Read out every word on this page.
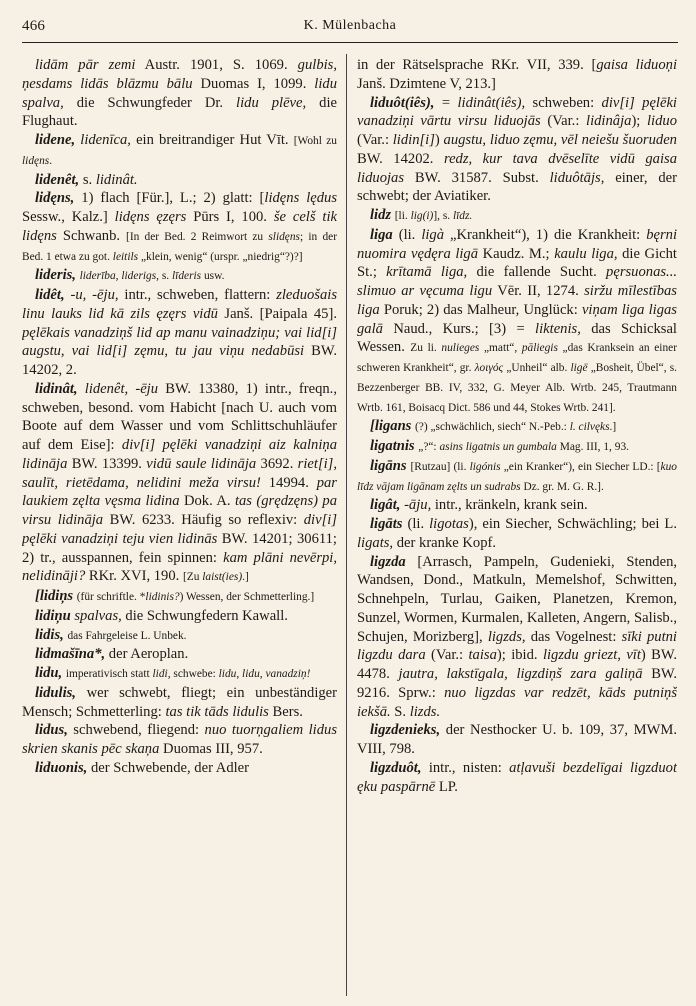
466	K. Mülenbacha

lidām pār zemi Austr. 1901, S. 1069. gulbis, ņesdams lidās blāzmu bālu Duomas I, 1099. lidu spalva, die Schwungfeder Dr. lidu plēve, die Flughaut.

lidene, lidenīca, ein breitrandiger Hut Vīt. [Wohl zu lidęns.

lidenêt, s. lidinât.

lidęns, 1) flach [Für.], L.; 2) glatt: [lidęns lędus Sessw., Kalz.] lidęns ęzęrs Pūrs I, 100. še celš tik lidęns Schwanb. [In der Bed. 2 Reimwort zu slidęns; in der Bed. 1 etwa zu got. leitils „klein, wenig“ (urspr. „niedrig“?)?]

lideris, liderība, liderigs, s. līderis usw.

lidêt, -u, -ēju, intr., schweben, flattern: zleduošais linu lauks lid kā zils ęzęrs vidū Janš. [Paipala 45]. pęlēkais vanadziņš lid ap manu vainadziņu; vai lid[i] augstu, vai lid[i] zęmu, tu jau viņu nedabūsi BW. 14202, 2.

lidinât, lidenêt, -ēju BW. 13380, 1) intr., freqn., schweben, besond. vom Habicht [nach U. auch vom Boote auf dem Wasser und vom Schlittschuhläufer auf dem Eise]: div[i] pęlēki vanadziņi aiz kalniņa lidināja BW. 13399. vidū saule lidināja 3692. riet[i], saulīt, rietēdama, nelidini meža virsu! 14994. par laukiem zęlta vęsma lidina Dok. A. tas (grędzęns) pa virsu lidināja BW. 6233. Häufig so reflexiv: div[i] pęlēki vanadziņi teju vien lidinās BW. 14201; 30611; 2) tr., ausspannen, fein spinnen: kam plāni nevērpi, nelidināji? RKr. XVI, 190. [Zu laist(ies).]

[lidiņs (für schriftle. *lidinis?) Wessen, der Schmetterling.]

lidiņu spalvas, die Schwungfedern Kawall.

lidis, das Fahrgeleise L. Unbek.

lidmašīna*, der Aeroplan.

lidu, imperativisch statt lidi, schwebe: lidu, lidu, vanadziņ!

lidulis, wer schwebt, fliegt; ein unbeständiger Mensch; Schmetterling: tas tik tāds lidulis Bers.

lidus, schwebend, fliegend: nuo tuorņgaliem lidus skrien skanis pēc skaņa Duomas III, 957.

liduonis, der Schwebende, der Adler

in der Rätselsprache RKr. VII, 339. [gaisa liduoņi Janš. Dzimtene V, 213.]

liduôt(iês), = lidinât(iês), schweben: div[i] pęlēki vanadziņi vārtu virsu liduojās (Var.: lidinâja); liduo (Var.: lidin[i]) augstu, liduo zęmu, vēl neiešu šuoruden BW. 14202. redz, kur tava dvēselīte vidū gaisa liduojas BW. 31587. Subst. liduôtājs, einer, der schwebt; der Aviatiker.

lidz [li. lig(i)], s. līdz.

liga (li. ligà „Krankheit“), 1) die Krankheit: bęrni nuomira vędęra ligā Kaudz. M.; kaulu liga, die Gicht St.; krītamā liga, die fallende Sucht. pęrsuonas... slimuo ar vęcuma ligu Vēr. II, 1274. siržu mīlestības liga Poruk; 2) das Malheur, Unglück: viņam liga ligas galā Naud., Kurs.; [3) = liktenis, das Schicksal Wessen. Zu li. nulieges „matt“, pāliegis „das Kranksein an einer schweren Krankheit“, gr. λοιγός „Unheil“ alb. ligë „Bosheit, Übel“, s. Bezzenberger BB. IV, 332, G. Meyer Alb. Wrtb. 245, Trautmann Wrtb. 161, Boisacq Dict. 586 und 44, Stokes Wrtb. 241].

[ligans (?) „schwächlich, siech“ N.-Peb.: l. cilvęks.]

ligatnis „?“: asins ligatnis un gumbala Mag. III, 1, 93.

ligāns [Rutzau] (li. ligónis „ein Kranker“), ein Siecher LD.: [kuo līdz vājam ligānam zęlts un sudrabs Dz. gr. M. G. R.].

ligât, -āju, intr., kränkeln, krank sein.

ligāts (li. ligotas), ein Siecher, Schwächling; bei L. ligats, der kranke Kopf.

ligzda [Arrasch, Pampeln, Gudenieki, Stenden, Wandsen, Dond., Matkuln, Memelshof, Schwitten, Schnehpeln, Turlau, Gaiken, Planetzen, Kremon, Sunzel, Wormen, Kurmalen, Kalleten, Angern, Salisb., Schujen, Morizberg], ligzds, das Vogelnest: sīki putni ligzdu dara (Var.: taisa); ibid. ligzdu griezt, vīt) BW. 4478. jautra, lakstīgala, ligzdiņš zara galiņā BW. 9216. Sprw.: nuo ligzdas var redzēt, kāds putniņš iekšā. S. lizds.

ligzdenieks, der Nesthocker U. b. 109, 37, MWM. VIII, 798.

ligzduôt, intr., nisten: atļavuši bezdelīgai ligzduot ęku paspārnē LP.
